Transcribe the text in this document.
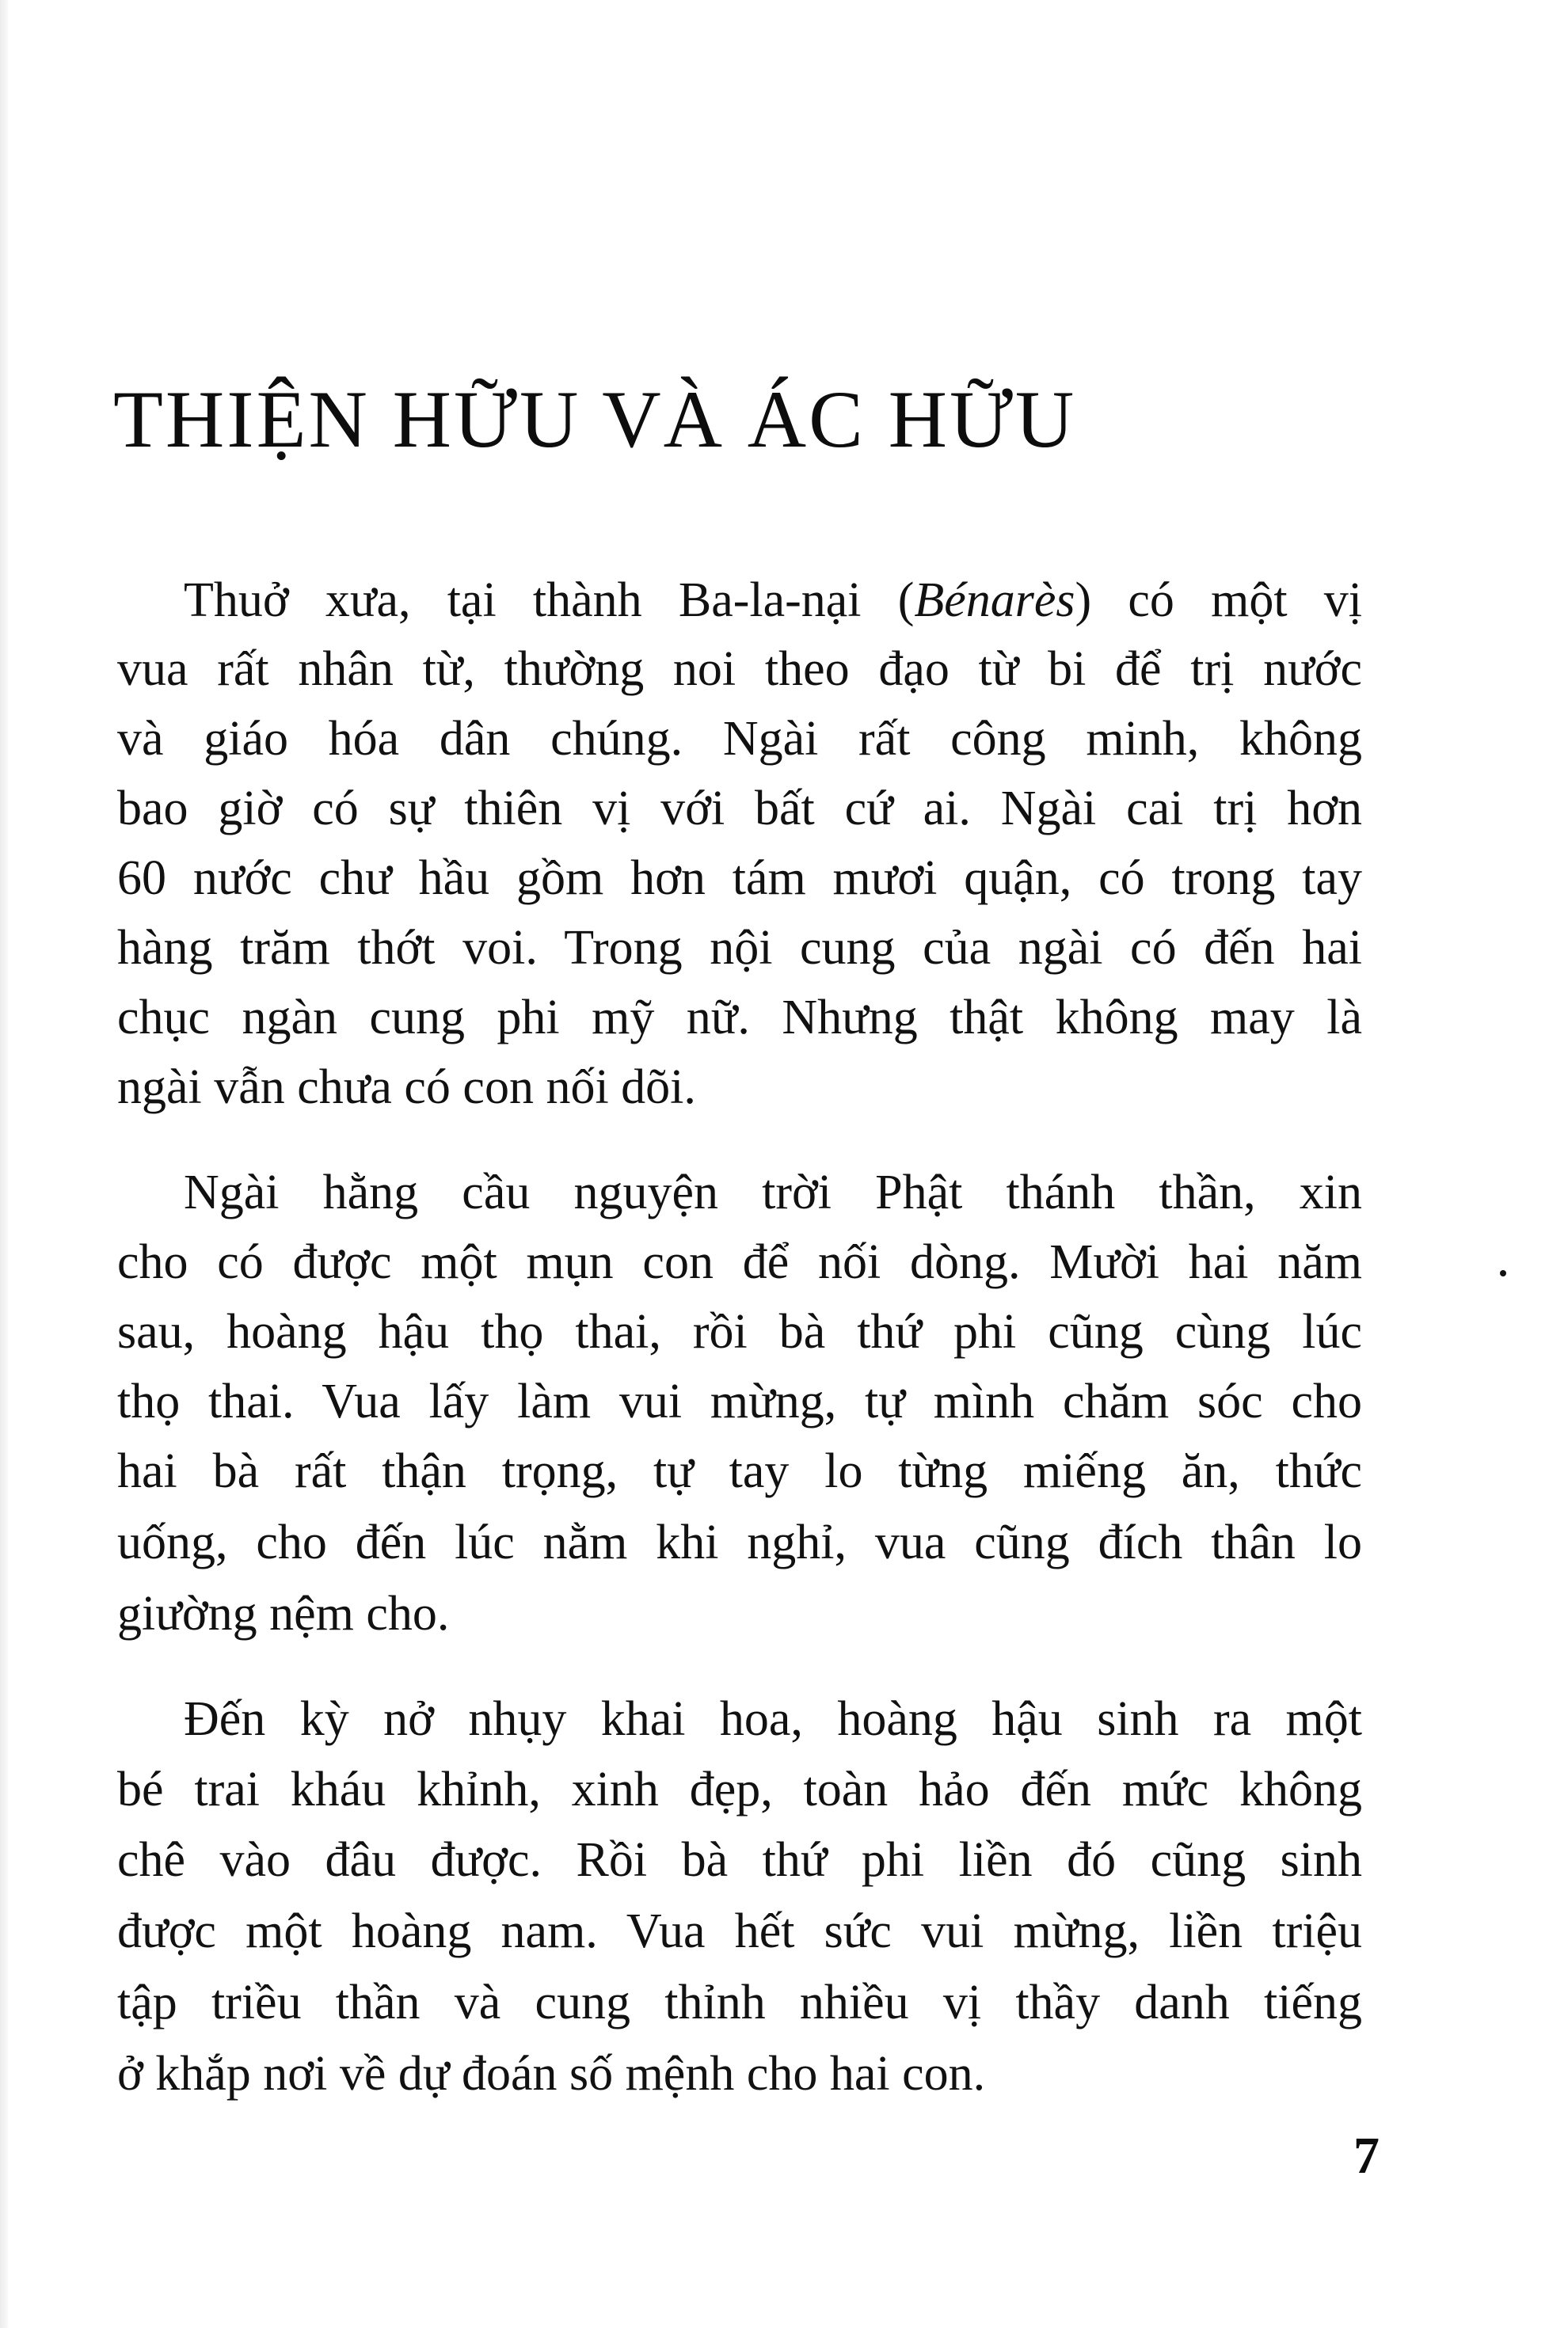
THIỆN HỮU VÀ ÁC HỮU
Thuở xưa, tại thành Ba-la-nại (Bénarès) có một vị
vua rất nhân từ, thường noi theo đạo từ bi để trị nước
và giáo hóa dân chúng. Ngài rất công minh, không
bao giờ có sự thiên vị với bất cứ ai. Ngài cai trị hơn
60 nước chư hầu gồm hơn tám mươi quận, có trong tay
hàng trăm thớt voi. Trong nội cung của ngài có đến hai
chục ngàn cung phi mỹ nữ. Nhưng thật không may là
ngài vẫn chưa có con nối dõi.
Ngài hằng cầu nguyện trời Phật thánh thần, xin
cho có được một mụn con để nối dòng. Mười hai năm
sau, hoàng hậu thọ thai, rồi bà thứ phi cũng cùng lúc
thọ thai. Vua lấy làm vui mừng, tự mình chăm sóc cho
hai bà rất thận trọng, tự tay lo từng miếng ăn, thức
uống, cho đến lúc nằm khi nghỉ, vua cũng đích thân lo
giường nệm cho.
Đến kỳ nở nhụy khai hoa, hoàng hậu sinh ra một
bé trai kháu khỉnh, xinh đẹp, toàn hảo đến mức không
chê vào đâu được. Rồi bà thứ phi liền đó cũng sinh
được một hoàng nam. Vua hết sức vui mừng, liền triệu
tập triều thần và cung thỉnh nhiều vị thầy danh tiếng
ở khắp nơi về dự đoán số mệnh cho hai con.
7
